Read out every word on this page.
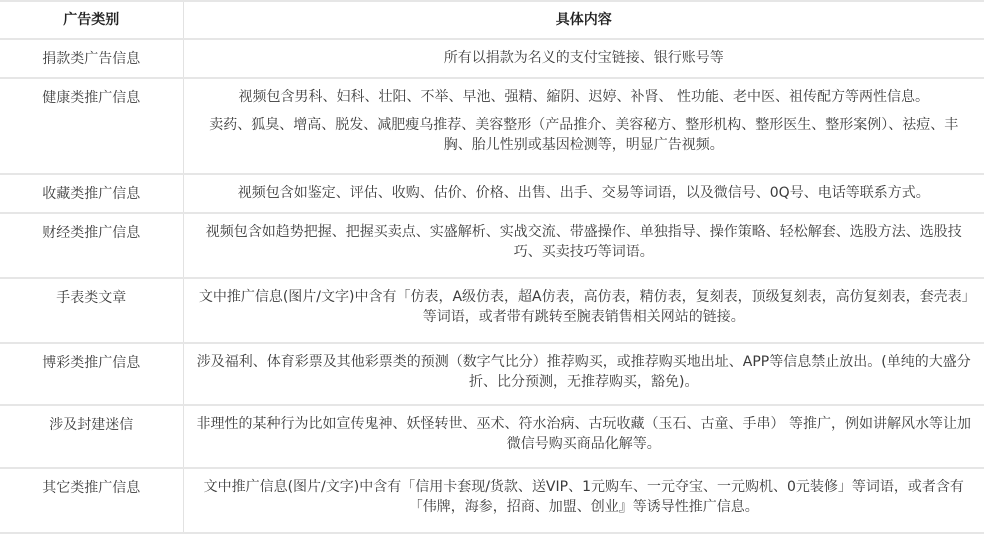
广告类别	具体内容
捐款类广告信息	所有以捐款为名义的支付宝链接、银行账号等

健康类推广信息	视频包含男科、妇科、壮阳、不举、早池、强精、縮阴、迟婷、补肾、 性功能、老中医、祖传配方等两性信息。
卖药、狐臭、增高、脱发、减肥瘦乌推荐、美容整形（产品推介、美容秘方、整形机构、整形医生、整形案例）、祛痘、丰胸、胎儿性别或基因检测等，明显广告视频。

收藏类推广信息	视频包含如鉴定、评估、收购、估价、价格、出售、出手、交易等词语，以及微信号、0Q号、电话等联系方式。

财经类推广信息	视频包含如趋势把握、把握买卖点、实盛解析、实战交流、带盛操作、单独指导、操作策略、轻松解套、选股方法、选股技巧、买卖技巧等词语。

手表类文章	文中推广信息(图片/文字)中含有「仿表，A级仿表，超A仿表，高仿表，精仿表，复刻表，顶级复刻表，高仿复刻表，套壳表」等词语，或者带有跳转至腕表销售相关网站的链接。

博彩类推广信息	涉及福利、体育彩票及其他彩票类的预测（数字气比分）推荐购买，或推荐购买地出址、APP等信息禁止放出。(单纯的大盛分折、比分预测，无推荐购买，豁免)。

涉及封建迷信	非理性的某种行为比如宣传鬼神、妖怪转世、巫术、符水治病、古玩收藏（玉石、古童、手串） 等推广，例如讲解风水等让加微信号购买商品化解等。

其它类推广信息	文中推广信息(图片/文字)中含有「信用卡套现/货款、送VIP、1元购车、一元夺宝、一元购机、0元装修」等词语，或者含有「伟牌，海参，招商、加盟、创业』等诱导性推广信息。
